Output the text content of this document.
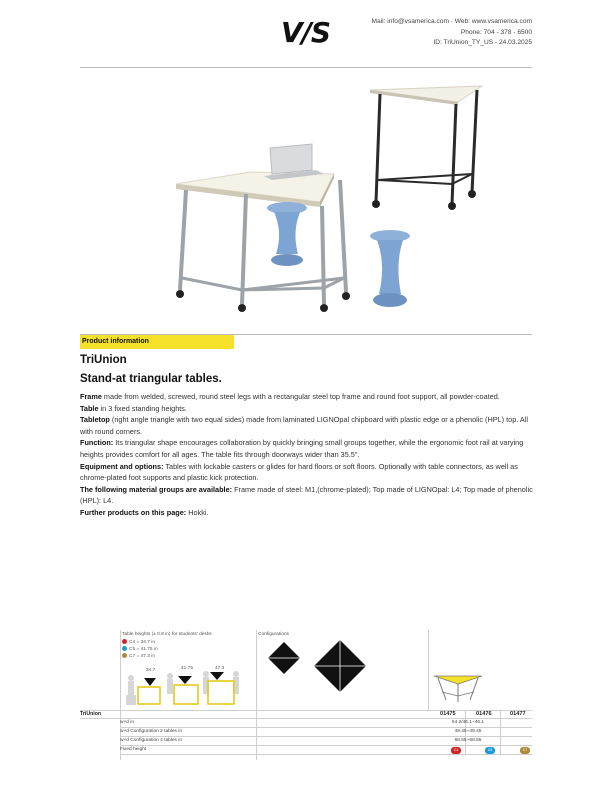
V/S	Mail: info@vsamerica.com · Web: www.vsamerica.com
Phone: 704 - 378 - 6500
ID: TriUnion_TY_US - 24.03.2025
Product information
TriUnion
Stand-at triangular tables.

Frame made from welded, screwed, round steel legs with a rectangular steel top frame and round foot support, all powder-coated.

Table in 3 fixed standing heights.

Tabletop (right angle triangle with two equal sides) made from laminated LIGNOpal chipboard with plastic edge or a phenolic (HPL) top. All with round corners.

Function: Its triangular shape encourages collaboration by quickly bringing small groups together, while the ergonomic foot rail at varying heights provides comfort for all ages. The table fits through doorways wider than 35.5".

Equipment and options: Tables with lockable casters or glides for hard floors or soft floors. Optionally with table connectors, as well as chrome-plated foot supports and plastic kick protection.

The following material groups are available: Frame made of steel: M1,(chrome-plated); Top made of LIGNOpal: L4; Top made of phenolic (HPL): L4.

Further products on this page: Hokki.

Table heights (± 0.8 in) for students' desks
C4 = 34.7 in
C5 = 41.75 in
C7 = 47.3 in
34.7	41.75	47.3
Configurations
TriUnion	01475	01476	01477
w×d in	64.2/46.1~46.1
w×d Configuration 2 tables in	48.45~48.45
w×d Configuration 4 tables in	68.55~68.55
Fixed height	C4	C5	C7
